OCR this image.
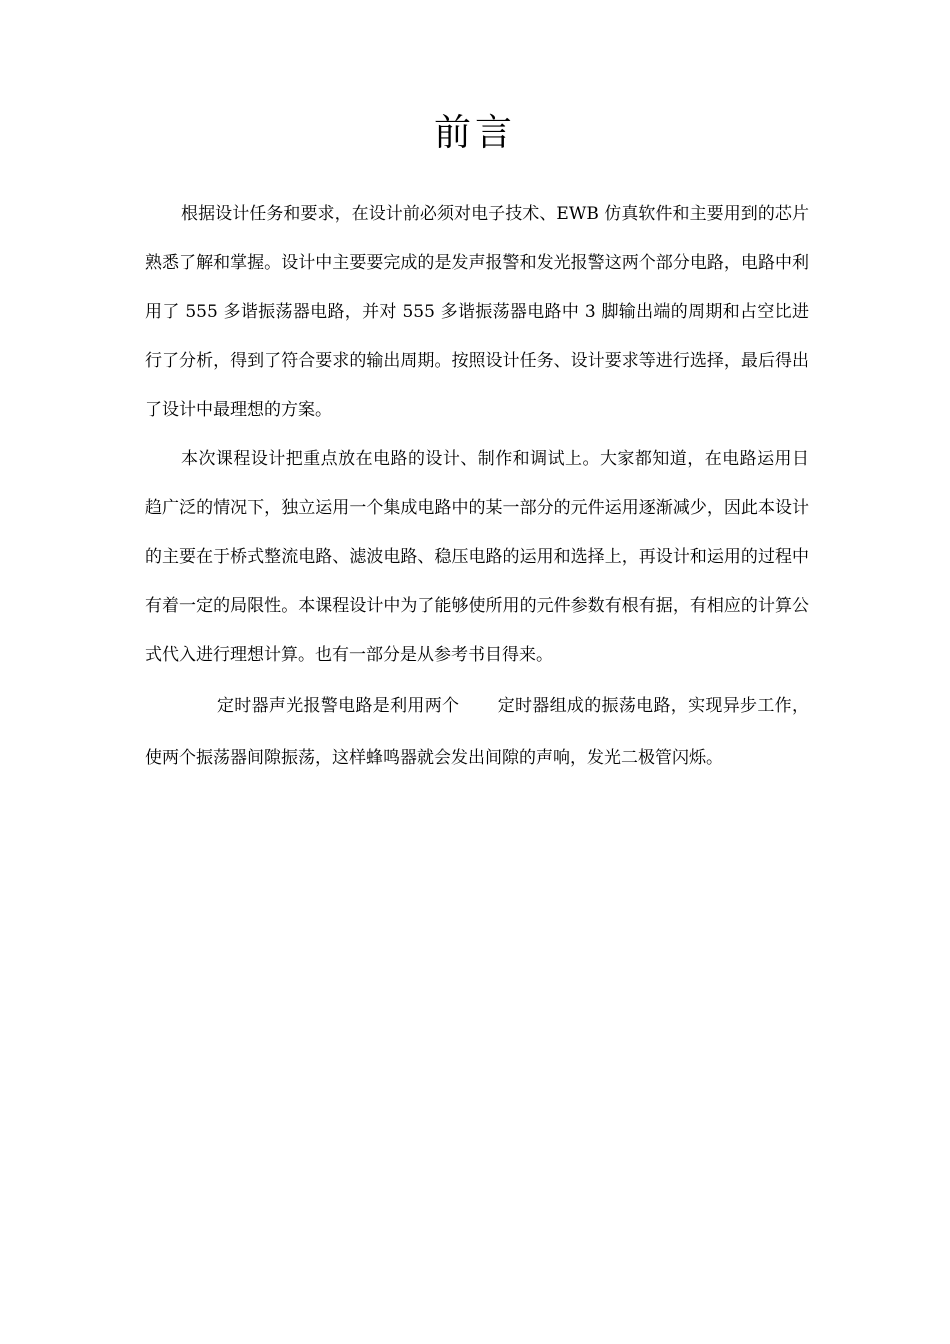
前言

根据设计任务和要求，在设计前必须对电子技术、EWB 仿真软件和主要用到的芯片熟悉了解和掌握。设计中主要要完成的是发声报警和发光报警这两个部分电路，电路中利用了 555 多谐振荡器电路，并对 555 多谐振荡器电路中 3 脚输出端的周期和占空比进行了分析，得到了符合要求的输出周期。按照设计任务、设计要求等进行选择，最后得出了设计中最理想的方案。

本次课程设计把重点放在电路的设计、制作和调试上。大家都知道，在电路运用日趋广泛的情况下，独立运用一个集成电路中的某一部分的元件运用逐渐减少，因此本设计的主要在于桥式整流电路、滤波电路、稳压电路的运用和选择上，再设计和运用的过程中有着一定的局限性。本课程设计中为了能够使所用的元件参数有根有据，有相应的计算公式代入进行理想计算。也有一部分是从参考书目得来。

定时器声光报警电路是利用两个 定时器组成的振荡电路，实现异步工作，使两个振荡器间隙振荡，这样蜂鸣器就会发出间隙的声响，发光二极管闪烁。
